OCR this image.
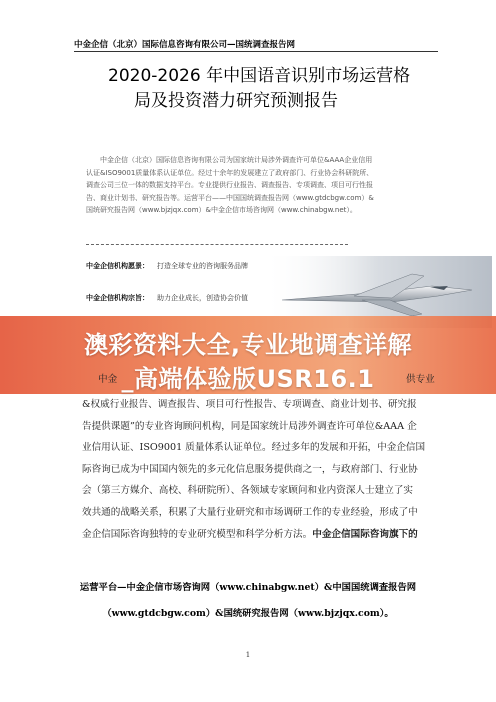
中金企信（北京）国际信息咨询有限公司—国统调查报告网
2020-2026 年中国语音识别市场运营格
局及投资潜力研究预测报告
中金企信（北京）国际信息咨询有限公司为国家统计局涉外调查许可单位&AAA企业信用
认证&ISO9001质量体系认证单位。经过十余年的发展建立了政府部门、行业协会科研院所、
调查公司三位一体的数据支持平台。专业提供行业报告、调查报告、专项调查、项目可行性报
告、商业计划书、研究报告等。运营平台——中国国统调查报告网（www.gtdcbgw.com）&
国统研究报告网（www.bjzjqx.com）&中金企信市场咨询网（www.chinabgw.net）。
中金企信机构愿景： 打造全球专业的咨询服务品牌
中金企信机构宗旨： 助力企业成长，创造协会价值
澳彩资料大全,专业地调查详解
_高端体验版USR16.1
中金	供专业
&权威行业报告、调查报告、项目可行性报告、专项调查、商业计划书、研究报
告提供课题”的专业咨询顾问机构，同是国家统计局涉外调查许可单位&AAA 企
业信用认证、ISO9001 质量体系认证单位。经过多年的发展和开拓，中金企信国
际咨询已成为中国国内领先的多元化信息服务提供商之一，与政府部门、行业协
会（第三方媒介、高校、科研院所）、各领域专家顾问和业内资深人士建立了实
效共通的战略关系，积累了大量行业研究和市场调研工作的专业经验，形成了中
金企信国际咨询独特的专业研究模型和科学分析方法。中金企信国际咨询旗下的
运营平台—中金企信市场咨询网（www.chinabgw.net）&中国国统调查报告网
（www.gtdcbgw.com）&国统研究报告网（www.bjzjqx.com）。
1
